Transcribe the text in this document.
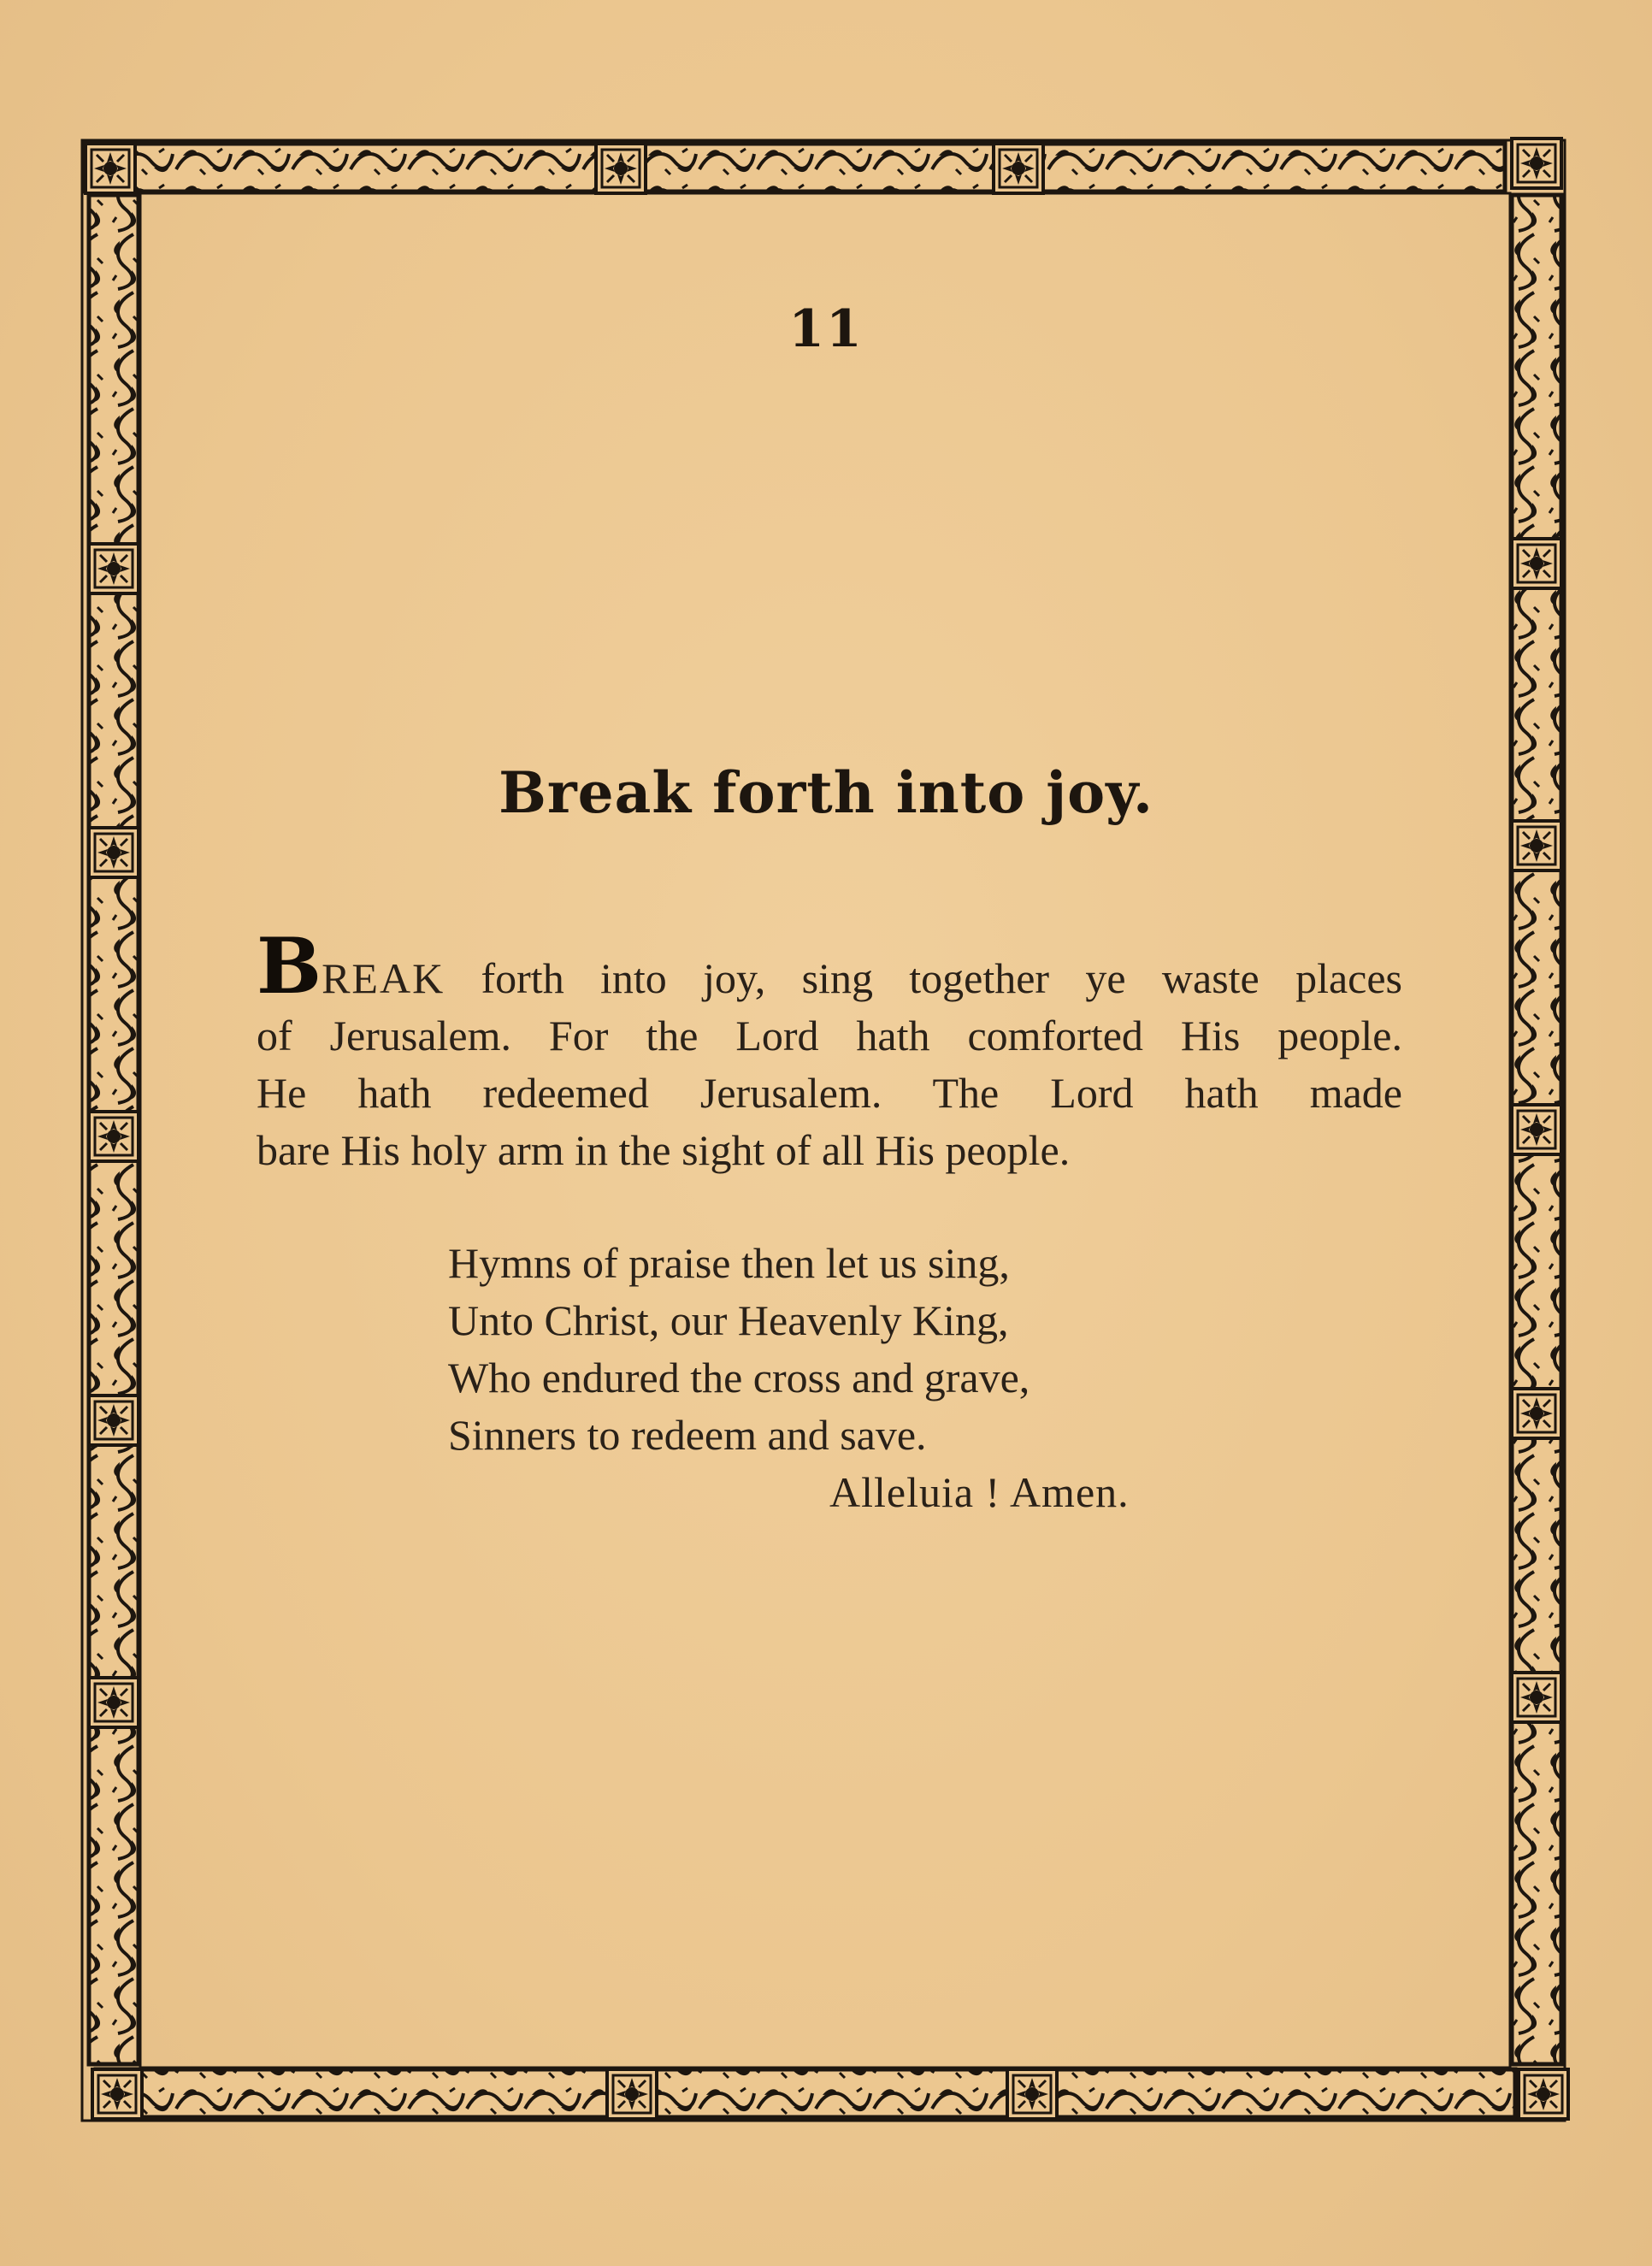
11
Break forth into joy.
BREAK forth into joy, sing together ye waste places
of Jerusalem. For the Lord hath comforted His people.
He hath redeemed Jerusalem. The Lord hath made
bare His holy arm in the sight of all His people.
Hymns of praise then let us sing,
Unto Christ, our Heavenly King,
Who endured the cross and grave,
Sinners to redeem and save.
Alleluia ! Amen.
